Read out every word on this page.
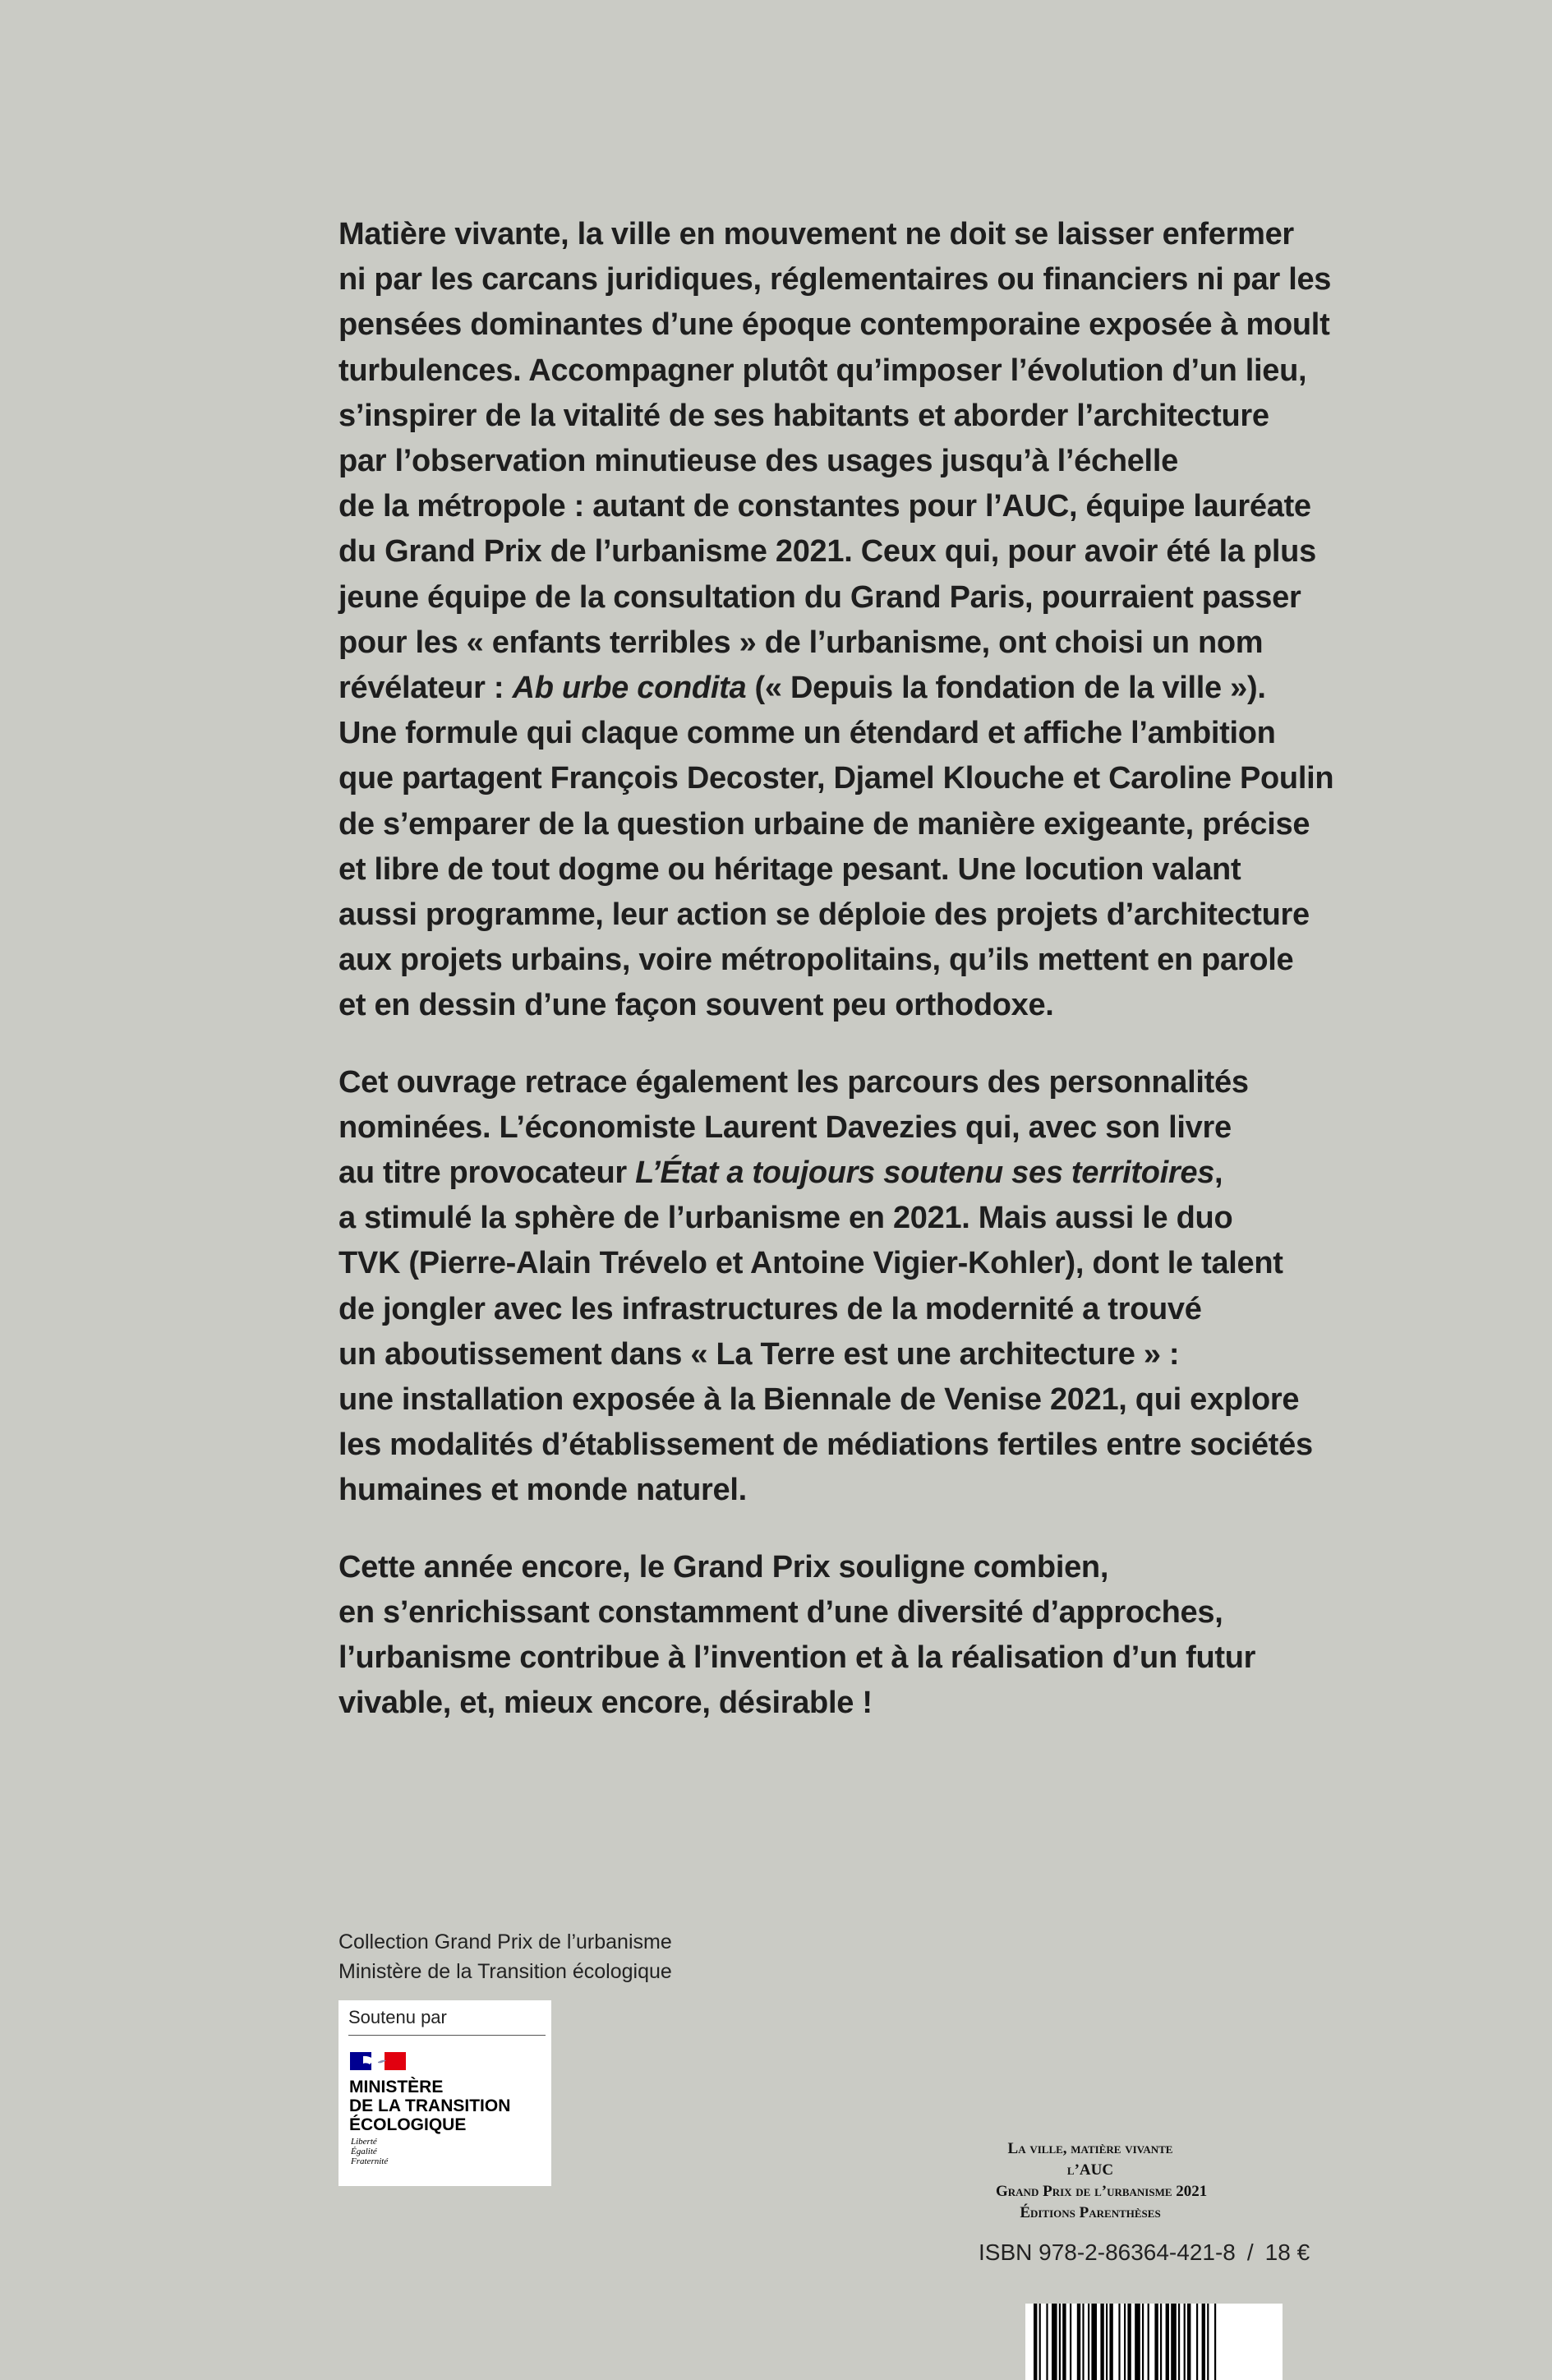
Matière vivante, la ville en mouvement ne doit se laisser enfermer
ni par les carcans juridiques, réglementaires ou financiers ni par les
pensées dominantes d’une époque contemporaine exposée à moult
turbulences. Accompagner plutôt qu’imposer l’évolution d’un lieu,
s’inspirer de la vitalité de ses habitants et aborder l’architecture
par l’observation minutieuse des usages jusqu’à l’échelle
de la métropole : autant de constantes pour l’AUC, équipe lauréate
du Grand Prix de l’urbanisme 2021. Ceux qui, pour avoir été la plus
jeune équipe de la consultation du Grand Paris, pourraient passer
pour les « enfants terribles » de l’urbanisme, ont choisi un nom
révélateur : Ab urbe condita (« Depuis la fondation de la ville »).
Une formule qui claque comme un étendard et affiche l’ambition
que partagent François Decoster, Djamel Klouche et Caroline Poulin
de s’emparer de la question urbaine de manière exigeante, précise
et libre de tout dogme ou héritage pesant. Une locution valant
aussi programme, leur action se déploie des projets d’architecture
aux projets urbains, voire métropolitains, qu’ils mettent en parole
et en dessin d’une façon souvent peu orthodoxe.

Cet ouvrage retrace également les parcours des personnalités
nominées. L’économiste Laurent Davezies qui, avec son livre
au titre provocateur L’État a toujours soutenu ses territoires,
a stimulé la sphère de l’urbanisme en 2021. Mais aussi le duo
TVK (Pierre-Alain Trévelo et Antoine Vigier-Kohler), dont le talent
de jongler avec les infrastructures de la modernité a trouvé
un aboutissement dans « La Terre est une architecture » :
une installation exposée à la Biennale de Venise 2021, qui explore
les modalités d’établissement de médiations fertiles entre sociétés
humaines et monde naturel.

Cette année encore, le Grand Prix souligne combien,
en s’enrichissant constamment d’une diversité d’approches,
l’urbanisme contribue à l’invention et à la réalisation d’un futur
vivable, et, mieux encore, désirable !

Collection Grand Prix de l’urbanisme
Ministère de la Transition écologique
Soutenu par
MINISTÈRE
DE LA TRANSITION
ÉCOLOGIQUE
Liberté
Égalité
Fraternité
La ville, matière vivante
l’AUC
Grand Prix de l’urbanisme 2021
Éditions Parenthèses
ISBN 978-2-86364-421-8 / 18 €
